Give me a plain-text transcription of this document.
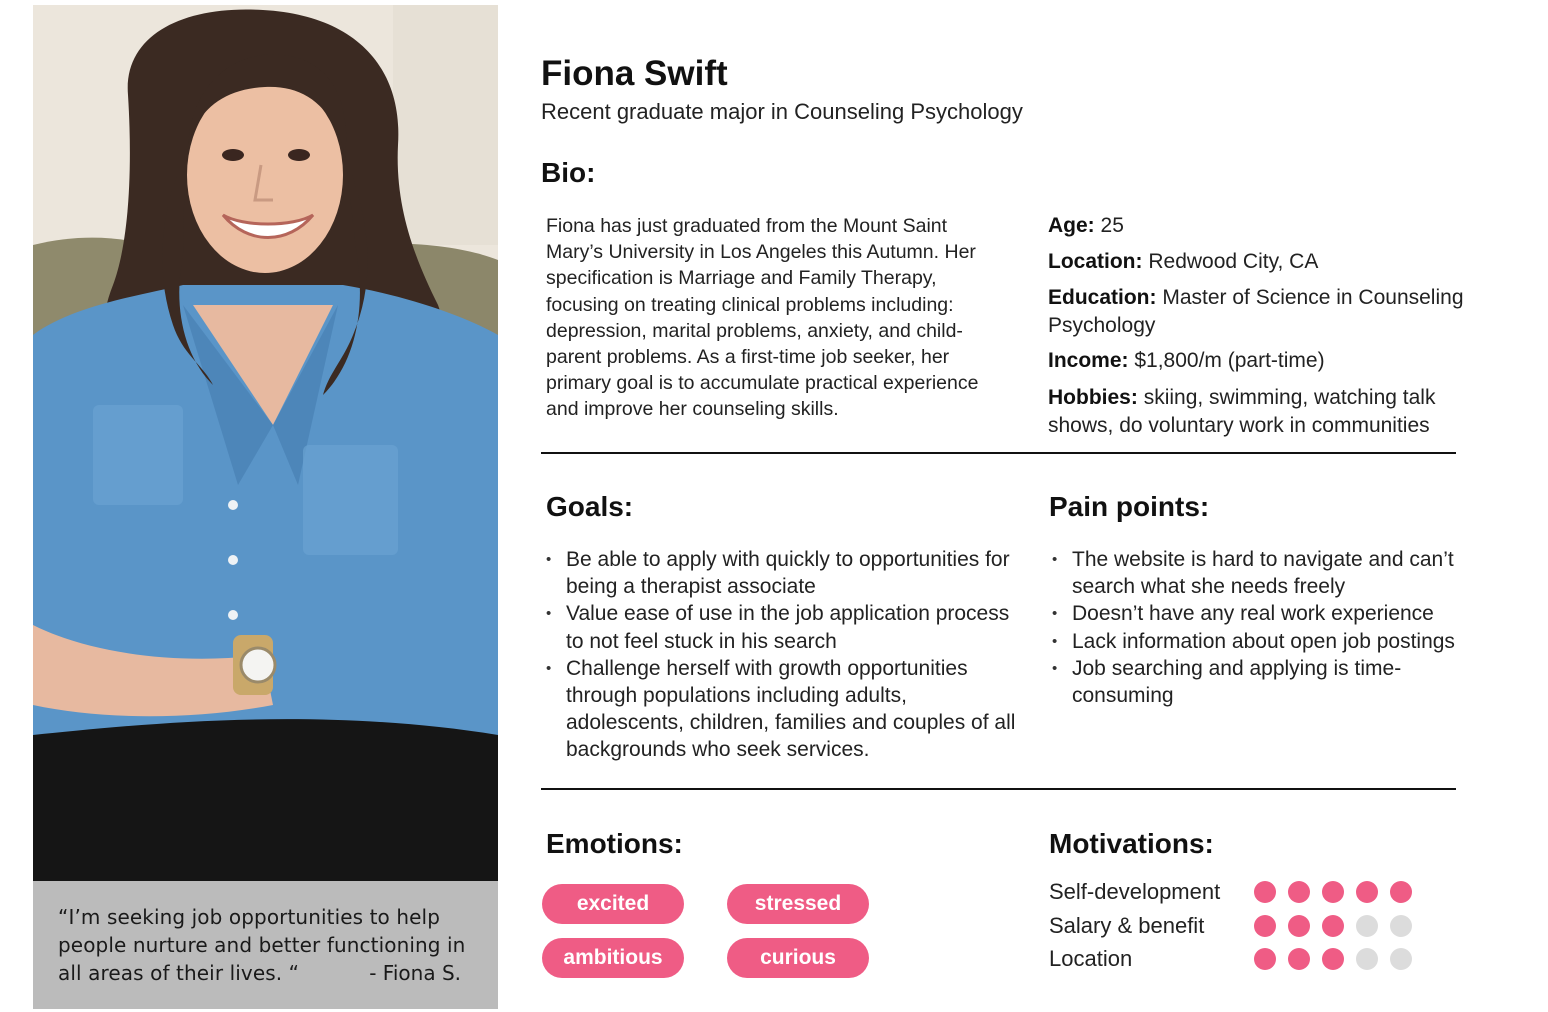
“I’m seeking job opportunities to help people nurture and better functioning in all areas of their lives. “	- Fiona S.
Fiona Swift
Recent graduate major in Counseling Psychology
Bio:
Fiona has just graduated from the Mount Saint Mary’s University in Los Angeles this Autumn. Her specification is Marriage and Family Therapy, focusing on treating clinical problems including: depression, marital problems, anxiety, and child-parent problems. As a first-time job seeker, her primary goal is to accumulate practical experience and improve her counseling skills.
Age: 25
Location: Redwood City, CA
Education: Master of Science in Counseling Psychology
Income: $1,800/m (part-time)
Hobbies: skiing, swimming, watching talk shows, do voluntary work in communities
Goals:
• Be able to apply with quickly to opportunities for being a therapist associate
• Value ease of use in the job application process to not feel stuck in his search
• Challenge herself with growth opportunities through populations including adults, adolescents, children, families and couples of all backgrounds who seek services.
Pain points:
• The website is hard to navigate and can’t search what she needs freely
• Doesn’t have any real work experience
• Lack information about open job postings
• Job searching and applying is time-consuming
Emotions:
excited	stressed
ambitious	curious
Motivations:
Self-development
Salary & benefit
Location
